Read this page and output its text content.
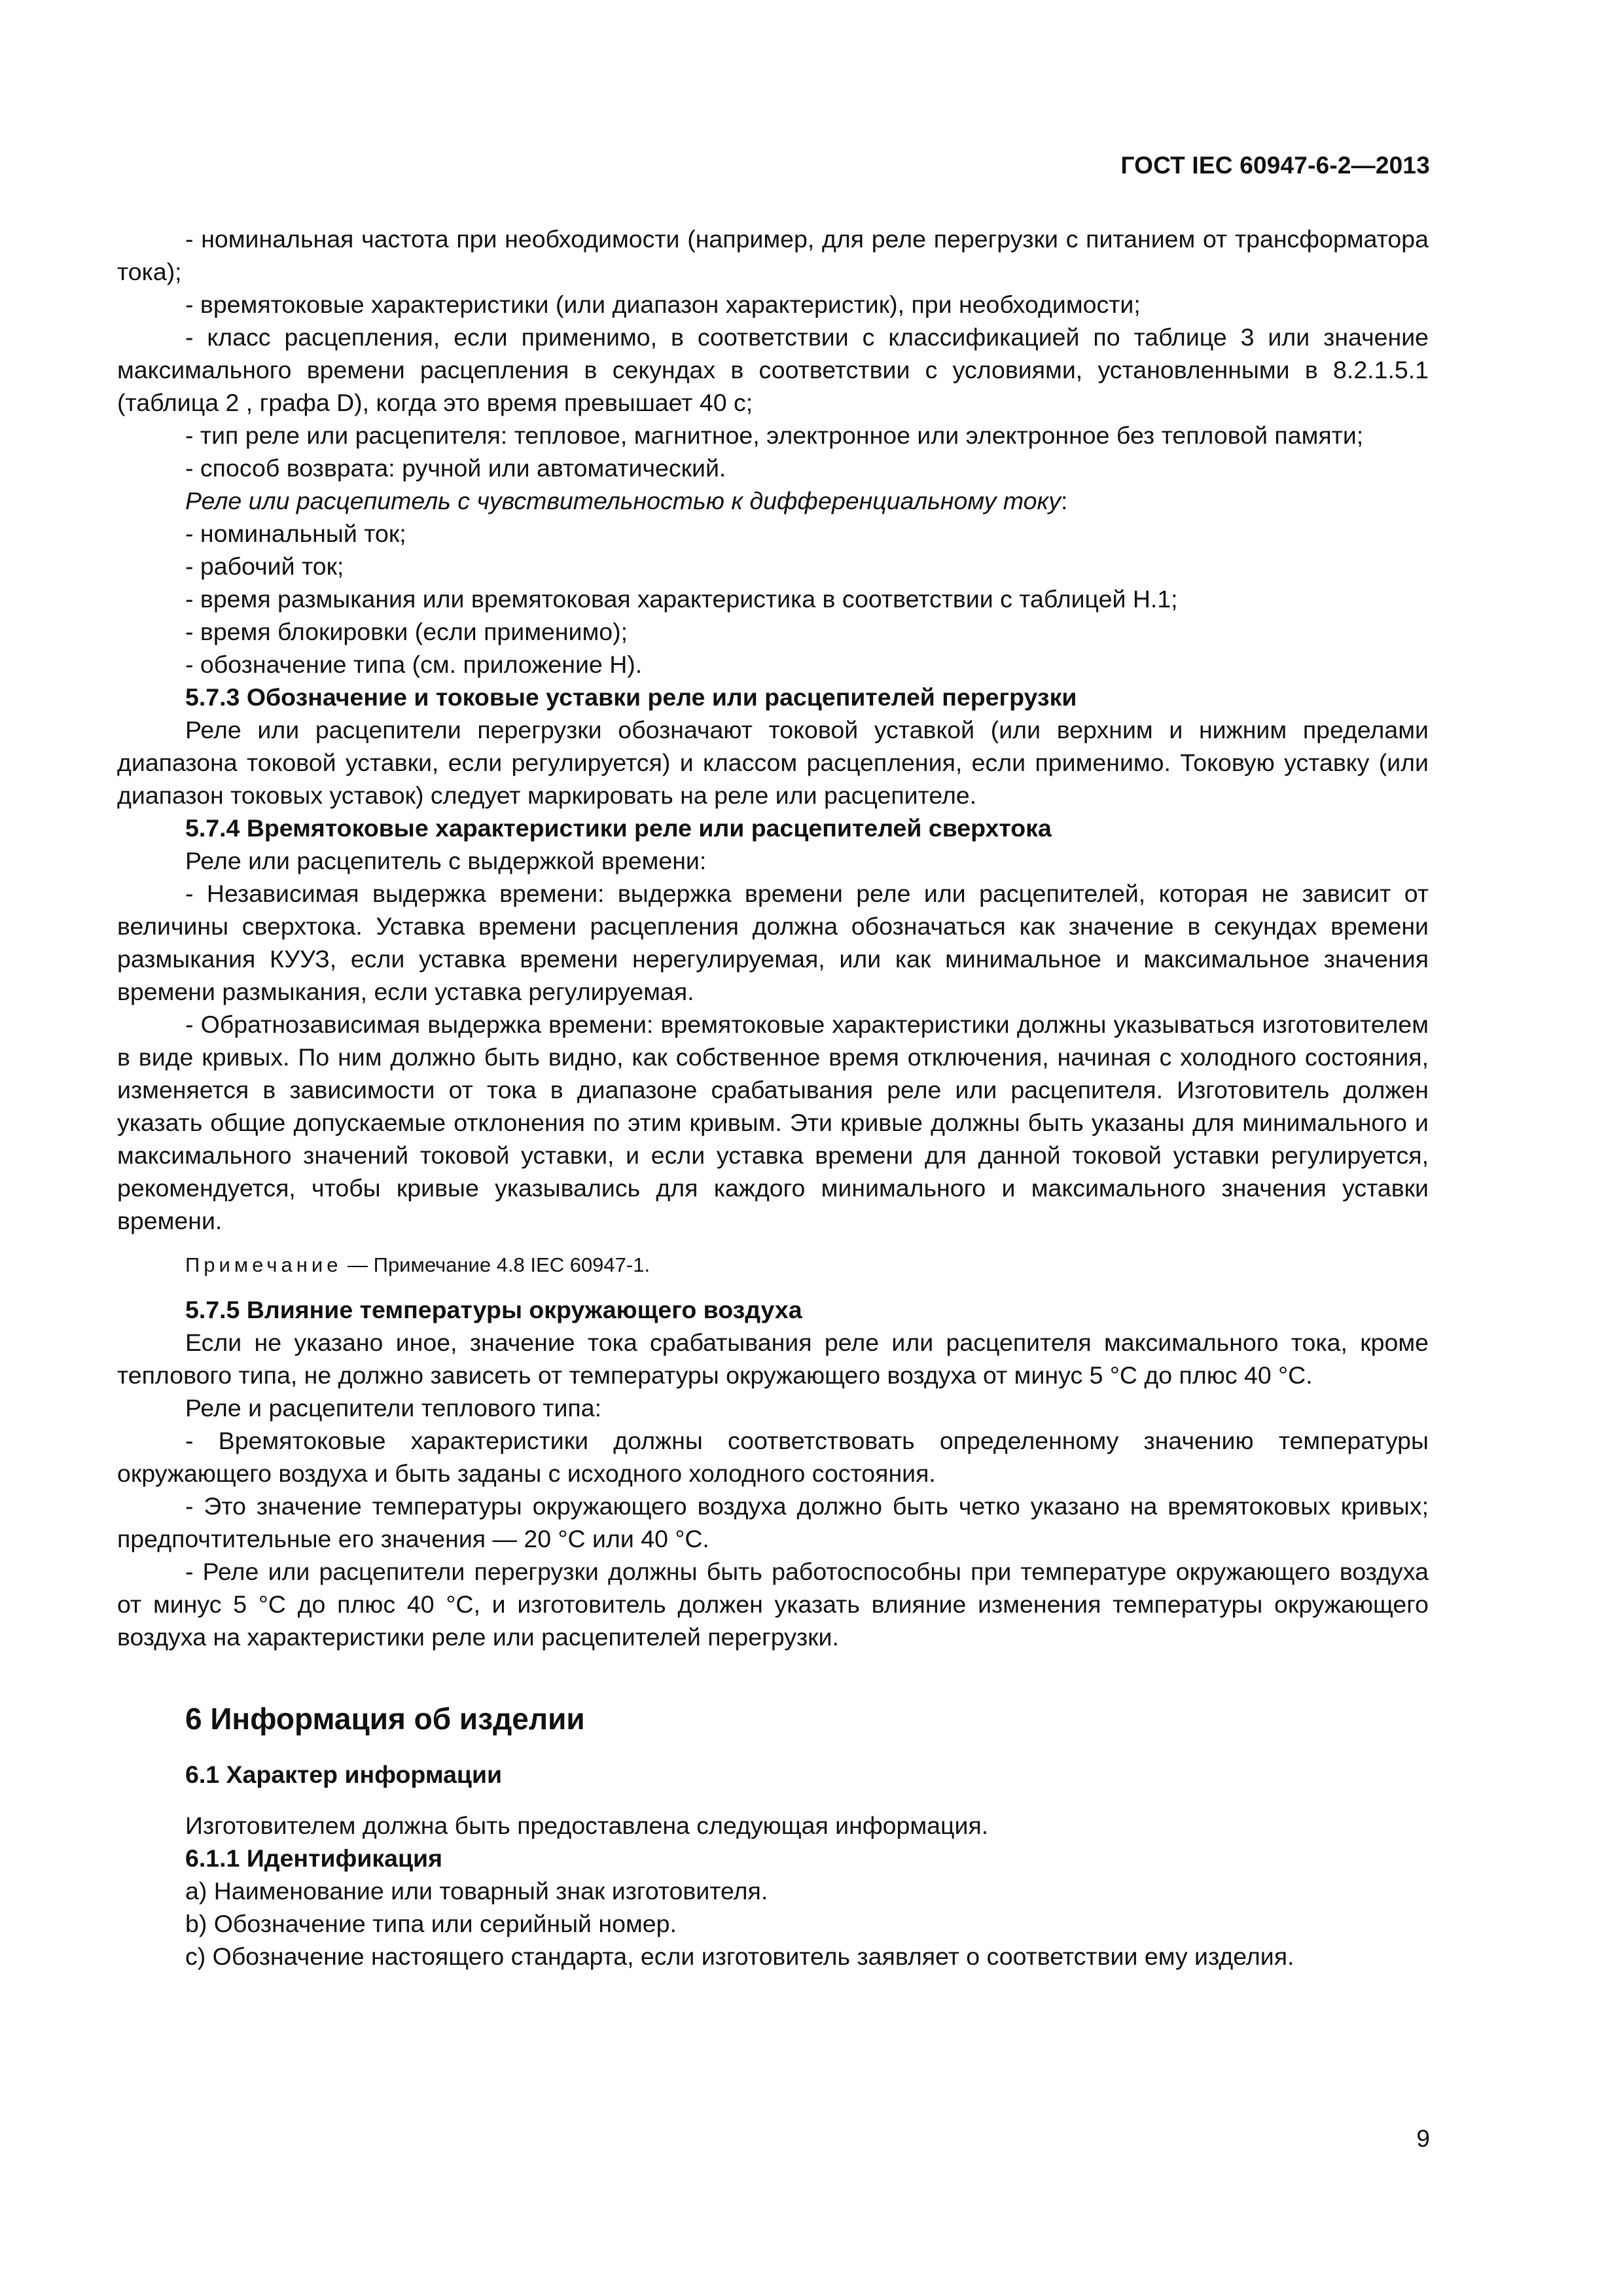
ГОСТ IEC 60947-6-2—2013

- номинальная частота при необходимости (например, для реле перегрузки с питанием от трансформатора тока);

- времятоковые характеристики (или диапазон характеристик), при необходимости;

- класс расцепления, если применимо, в соответствии с классификацией по таблице 3 или значение максимального времени расцепления в секундах в соответствии с условиями, установленными в 8.2.1.5.1 (таблица 2 , графа D), когда это время превышает 40 с;

- тип реле или расцепителя: тепловое, магнитное, электронное или электронное без тепловой памяти;

- способ возврата: ручной или автоматический.

Реле или расцепитель с чувствительностью к дифференциальному току:

- номинальный ток;

- рабочий ток;

- время размыкания или времятоковая характеристика в соответствии с таблицей Н.1;

- время блокировки (если применимо);

- обозначение типа (см. приложение Н).

5.7.3 Обозначение и токовые уставки реле или расцепителей перегрузки

Реле или расцепители перегрузки обозначают токовой уставкой (или верхним и нижним пределами диапазона токовой уставки, если регулируется) и классом расцепления, если применимо. Токовую уставку (или диапазон токовых уставок) следует маркировать на реле или расцепителе.

5.7.4 Времятоковые характеристики реле или расцепителей сверхтока

Реле или расцепитель с выдержкой времени:

- Независимая выдержка времени: выдержка времени реле или расцепителей, которая не зависит от величины сверхтока. Уставка времени расцепления должна обозначаться как значение в секундах времени размыкания КУУЗ, если уставка времени нерегулируемая, или как минимальное и максимальное значения времени размыкания, если уставка регулируемая.

- Обратнозависимая выдержка времени: времятоковые характеристики должны указываться изготовителем в виде кривых. По ним должно быть видно, как собственное время отключения, начиная с холодного состояния, изменяется в зависимости от тока в диапазоне срабатывания реле или расцепителя. Изготовитель должен указать общие допускаемые отклонения по этим кривым. Эти кривые должны быть указаны для минимального и максимального значений токовой уставки, и если уставка времени для данной токовой уставки регулируется, рекомендуется, чтобы кривые указывались для каждого минимального и максимального значения уставки времени.

Примечание — Примечание 4.8 IEC 60947-1.

5.7.5 Влияние температуры окружающего воздуха

Если не указано иное, значение тока срабатывания реле или расцепителя максимального тока, кроме теплового типа, не должно зависеть от температуры окружающего воздуха от минус 5 °С до плюс 40 °С.

Реле и расцепители теплового типа:

- Времятоковые характеристики должны соответствовать определенному значению температуры окружающего воздуха и быть заданы с исходного холодного состояния.

- Это значение температуры окружающего воздуха должно быть четко указано на времятоковых кривых; предпочтительные его значения — 20 °С или 40 °С.

- Реле или расцепители перегрузки должны быть работоспособны при температуре окружающего воздуха от минус 5 °С до плюс 40 °С, и изготовитель должен указать влияние изменения температуры окружающего воздуха на характеристики реле или расцепителей перегрузки.

6 Информация об изделии

6.1 Характер информации

Изготовителем должна быть предоставлена следующая информация.

6.1.1 Идентификация

а) Наименование или товарный знак изготовителя.

b) Обозначение типа или серийный номер.

с) Обозначение настоящего стандарта, если изготовитель заявляет о соответствии ему изделия.

9
